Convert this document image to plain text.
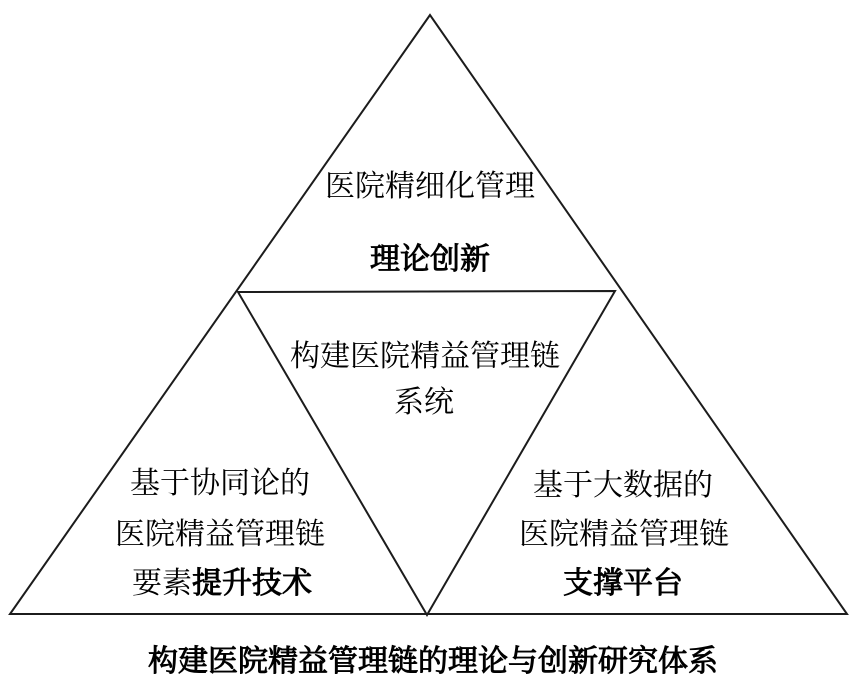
医院精细化管理
理论创新
构建医院精益管理链
系统
基于协同论的
医院精益管理链
要素提升技术
基于大数据的
医院精益管理链
支撑平台
构建医院精益管理链的理论与创新研究体系
